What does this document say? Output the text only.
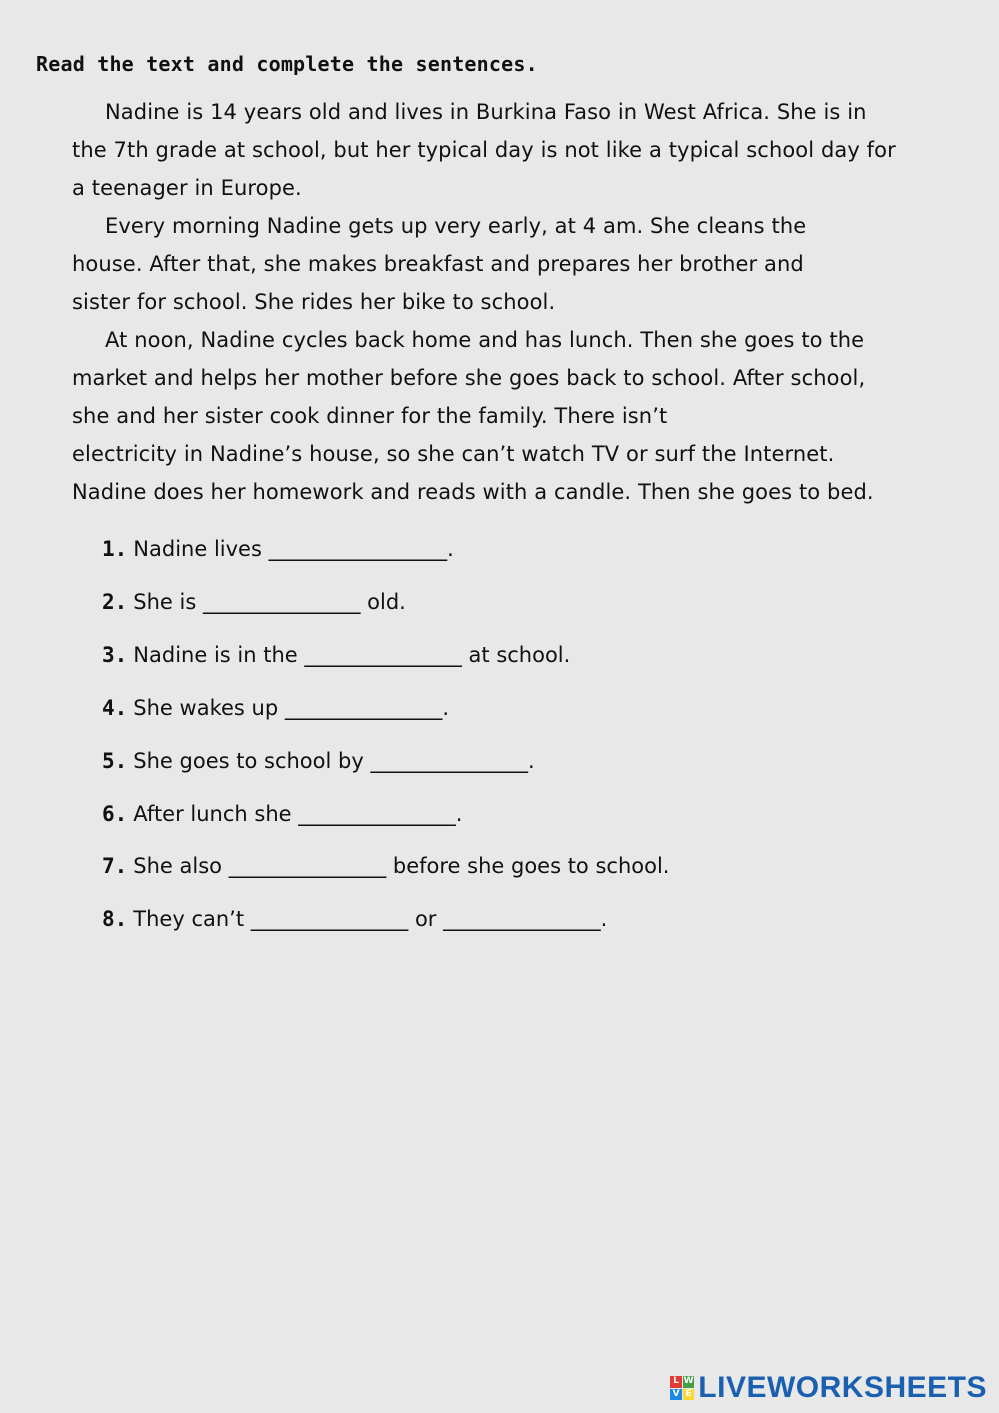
Read the text and complete the sentences.

Nadine is 14 years old and lives in Burkina Faso in West Africa. She is in
the 7th grade at school, but her typical day is not like a typical school day for
a teenager in Europe.
Every morning Nadine gets up very early, at 4 am. She cleans the
house. After that, she makes breakfast and prepares her brother and
sister for school. She rides her bike to school.
At noon, Nadine cycles back home and has lunch. Then she goes to the
market and helps her mother before she goes back to school. After school,
she and her sister cook dinner for the family. There isn’t
electricity in Nadine’s house, so she can’t watch TV or surf the Internet.
Nadine does her homework and reads with a candle. Then she goes to bed.
1. Nadine lives _________________.
2. She is _______________ old.
3. Nadine is in the _______________ at school.
4. She wakes up _______________.
5. She goes to school by _______________.
6. After lunch she _______________.
7. She also _______________ before she goes to school.
8. They can’t _______________ or _______________.
L W
V E LIVEWORKSHEETS
